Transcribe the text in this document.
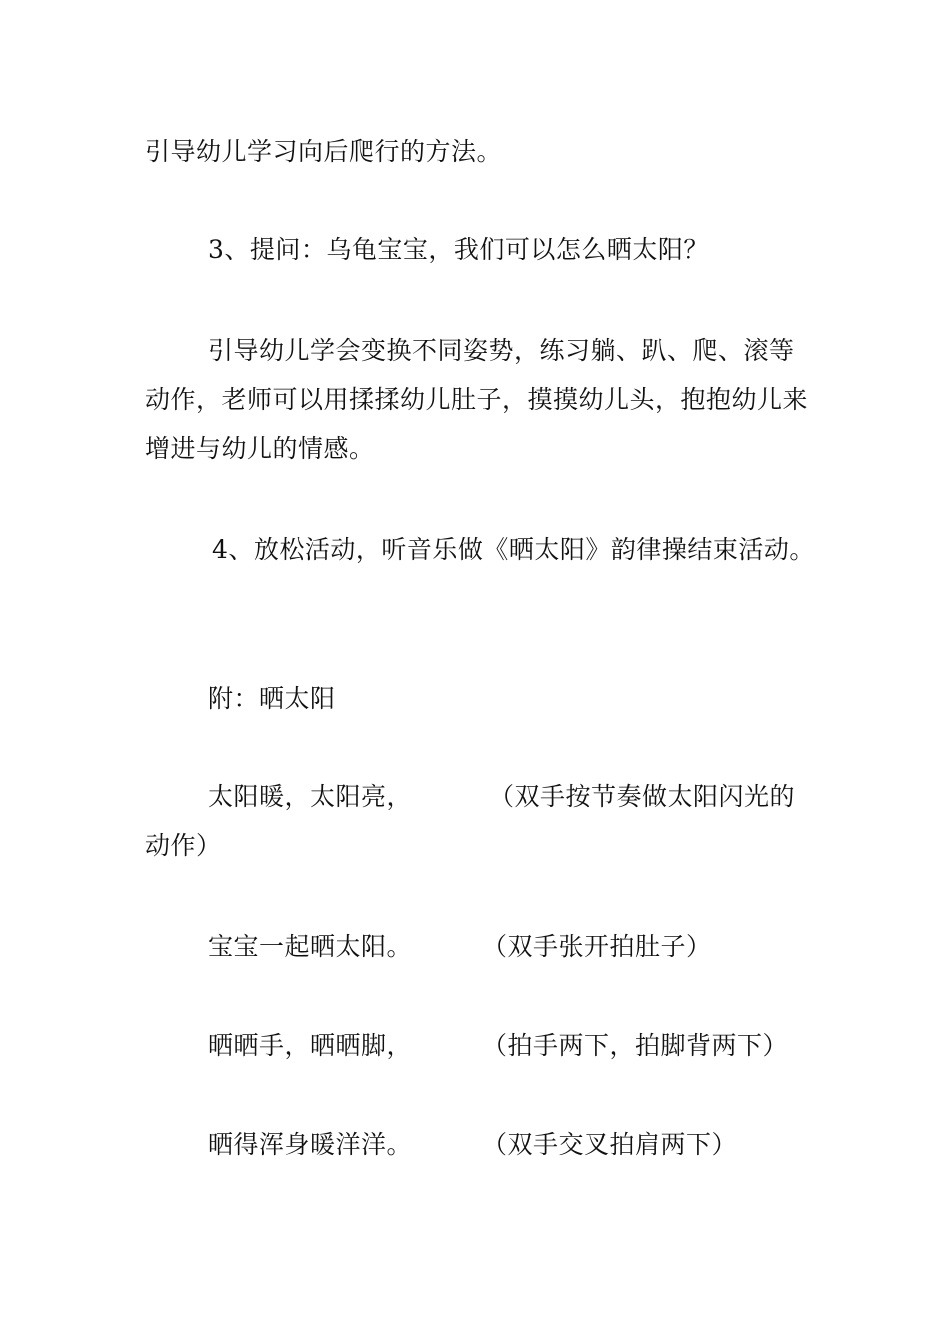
引导幼儿学习向后爬行的方法。
3、提问：乌龟宝宝，我们可以怎么晒太阳？
引导幼儿学会变换不同姿势，练习躺、趴、爬、滚等动作，老师可以用揉揉幼儿肚子，摸摸幼儿头，抱抱幼儿来增进与幼儿的情感。
4、放松活动，听音乐做《晒太阳》韵律操结束活动。
附：晒太阳
太阳暖，太阳亮，　　　　（双手按节奏做太阳闪光的动作）
宝宝一起晒太阳。	（双手张开拍肚子）
晒晒手，晒晒脚，	（拍手两下，拍脚背两下）
晒得浑身暖洋洋。	（双手交叉拍肩两下）
